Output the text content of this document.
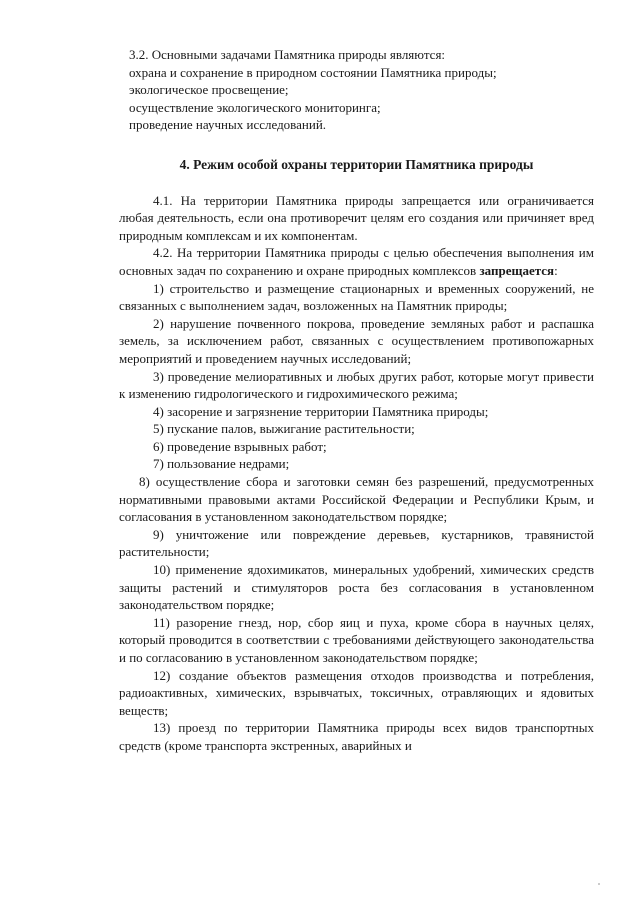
3.2. Основными задачами Памятника природы являются:
охрана и сохранение в природном состоянии Памятника природы;
экологическое просвещение;
осуществление экологического мониторинга;
проведение научных исследований.
4. Режим особой охраны территории Памятника природы

4.1. На территории Памятника природы запрещается или ограничивается любая деятельность, если она противоречит целям его создания или причиняет вред природным комплексам и их компонентам.

4.2. На территории Памятника природы с целью обеспечения выполнения им основных задач по сохранению и охране природных комплексов запрещается:

1) строительство и размещение стационарных и временных сооружений, не связанных с выполнением задач, возложенных на Памятник природы;

2) нарушение почвенного покрова, проведение земляных работ и распашка земель, за исключением работ, связанных с осуществлением противопожарных мероприятий и проведением научных исследований;

3) проведение мелиоративных и любых других работ, которые могут привести к изменению гидрологического и гидрохимического режима;

4) засорение и загрязнение территории Памятника природы;

5) пускание палов, выжигание растительности;

6) проведение взрывных работ;

7) пользование недрами;

8) осуществление сбора и заготовки семян без разрешений, предусмотренных нормативными правовыми актами Российской Федерации и Республики Крым, и согласования в установленном законодательством порядке;

9) уничтожение или повреждение деревьев, кустарников, травянистой растительности;

10) применение ядохимикатов, минеральных удобрений, химических средств защиты растений и стимуляторов роста без согласования в установленном законодательством порядке;

11) разорение гнезд, нор, сбор яиц и пуха, кроме сбора в научных целях, который проводится в соответствии с требованиями действующего законодательства и по согласованию в установленном законодательством порядке;

12) создание объектов размещения отходов производства и потребления, радиоактивных, химических, взрывчатых, токсичных, отравляющих и ядовитых веществ;

13) проезд по территории Памятника природы всех видов транспортных средств (кроме транспорта экстренных, аварийных и
